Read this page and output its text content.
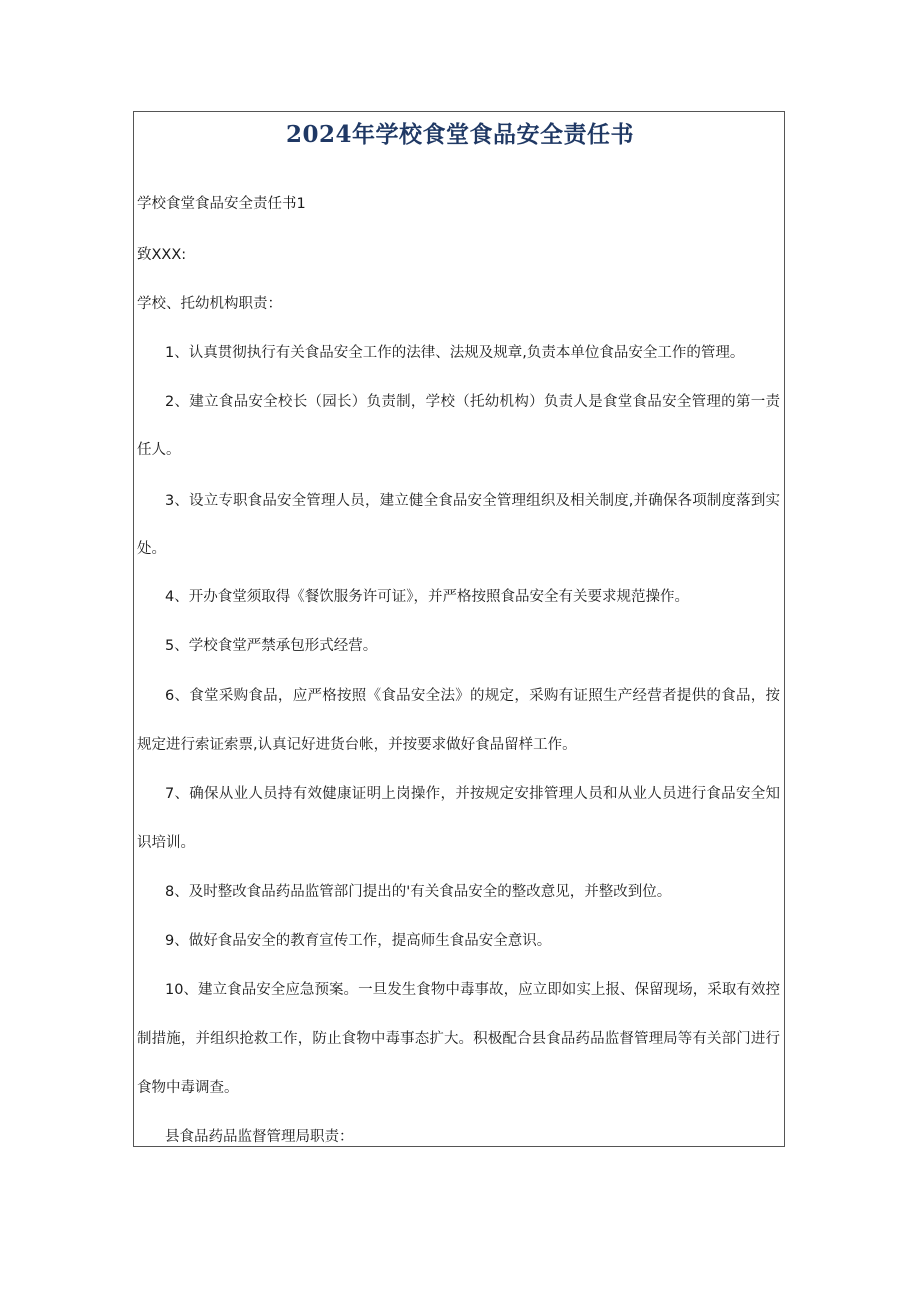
2024年学校食堂食品安全责任书

学校食堂食品安全责任书1

致XXX:

学校、托幼机构职责：

1、认真贯彻执行有关食品安全工作的法律、法规及规章,负责本单位食品安全工作的管理。

2、建立食品安全校长（园长）负责制，学校（托幼机构）负责人是食堂食品安全管理的第一责

任人。

3、设立专职食品安全管理人员，建立健全食品安全管理组织及相关制度,并确保各项制度落到实

处。

4、开办食堂须取得《餐饮服务许可证》，并严格按照食品安全有关要求规范操作。

5、学校食堂严禁承包形式经营。

6、食堂采购食品，应严格按照《食品安全法》的规定，采购有证照生产经营者提供的食品，按

规定进行索证索票,认真记好进货台帐，并按要求做好食品留样工作。

7、确保从业人员持有效健康证明上岗操作，并按规定安排管理人员和从业人员进行食品安全知

识培训。

8、及时整改食品药品监管部门提出的'有关食品安全的整改意见，并整改到位。

9、做好食品安全的教育宣传工作，提高师生食品安全意识。

10、建立食品安全应急预案。一旦发生食物中毒事故，应立即如实上报、保留现场，采取有效控

制措施，并组织抢救工作，防止食物中毒事态扩大。积极配合县食品药品监督管理局等有关部门进行

食物中毒调查。

县食品药品监督管理局职责：
